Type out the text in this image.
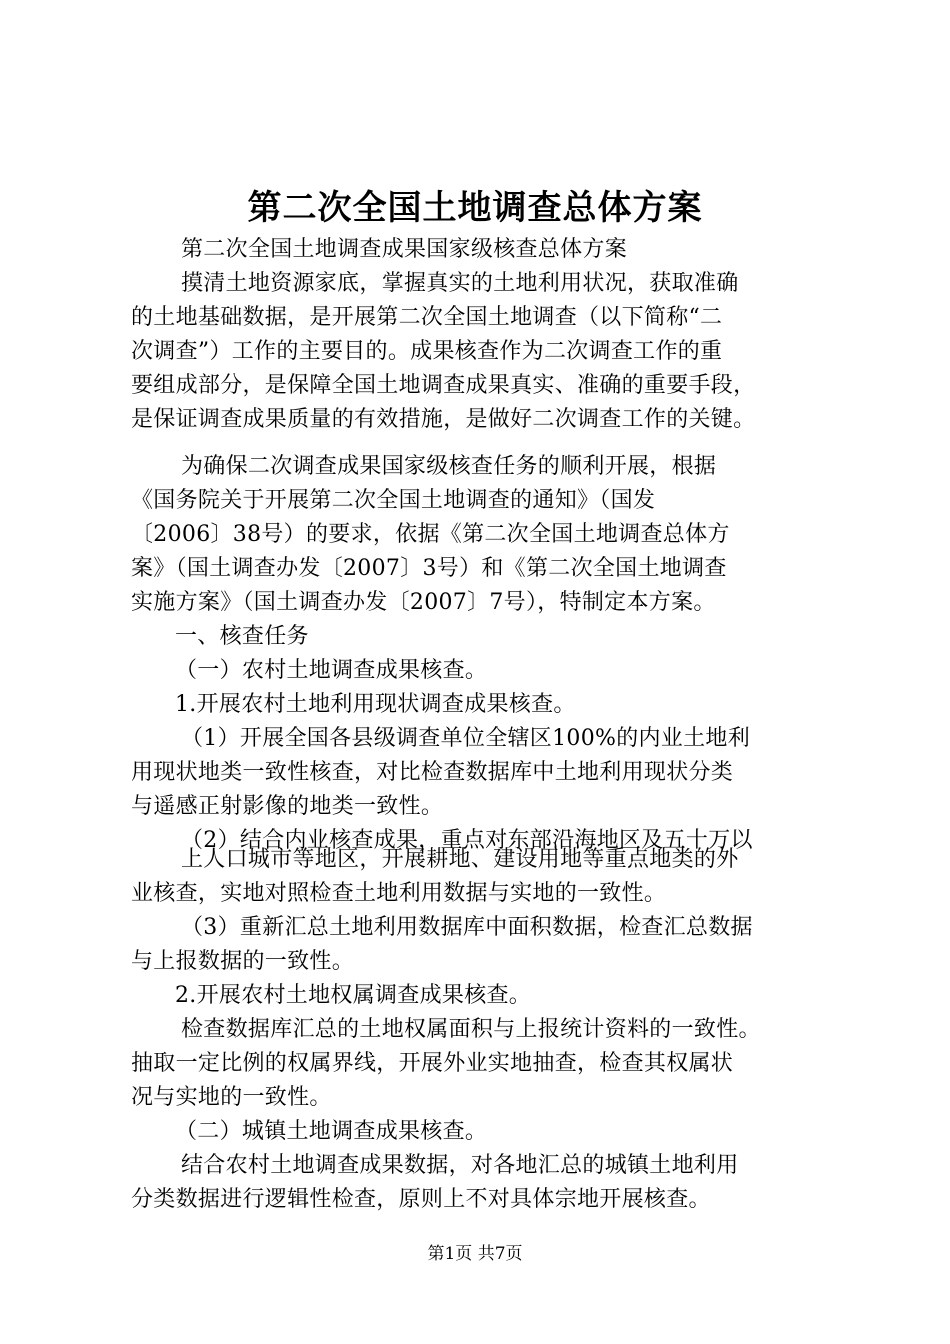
第二次全国土地调查总体方案
第二次全国土地调查成果国家级核查总体方案
摸清土地资源家底，掌握真实的土地利用状况，获取准确
的土地基础数据，是开展第二次全国土地调查（以下简称“二
次调查”）工作的主要目的。成果核查作为二次调查工作的重
要组成部分，是保障全国土地调查成果真实、准确的重要手段，
是保证调查成果质量的有效措施，是做好二次调查工作的关键。
为确保二次调查成果国家级核查任务的顺利开展，根据
《国务院关于开展第二次全国土地调查的通知》（国发
〔2006〕38号）的要求，依据《第二次全国土地调查总体方
案》（国土调查办发〔2007〕3号）和《第二次全国土地调查
实施方案》（国土调查办发〔2007〕7号），特制定本方案。
一、核查任务
（一）农村土地调查成果核查。
1.开展农村土地利用现状调查成果核查。
（1）开展全国各县级调查单位全辖区100%的内业土地利
用现状地类一致性核查，对比检查数据库中土地利用现状分类
与遥感正射影像的地类一致性。
（2）结合内业核查成果，重点对东部沿海地区及五十万以
上人口城市等地区，开展耕地、建设用地等重点地类的外
业核查，实地对照检查土地利用数据与实地的一致性。
（3）重新汇总土地利用数据库中面积数据，检查汇总数据
与上报数据的一致性。
2.开展农村土地权属调查成果核查。
检查数据库汇总的土地权属面积与上报统计资料的一致性。
抽取一定比例的权属界线，开展外业实地抽查，检查其权属状
况与实地的一致性。
（二）城镇土地调查成果核查。
结合农村土地调查成果数据，对各地汇总的城镇土地利用
分类数据进行逻辑性检查，原则上不对具体宗地开展核查。
第1页 共7页
